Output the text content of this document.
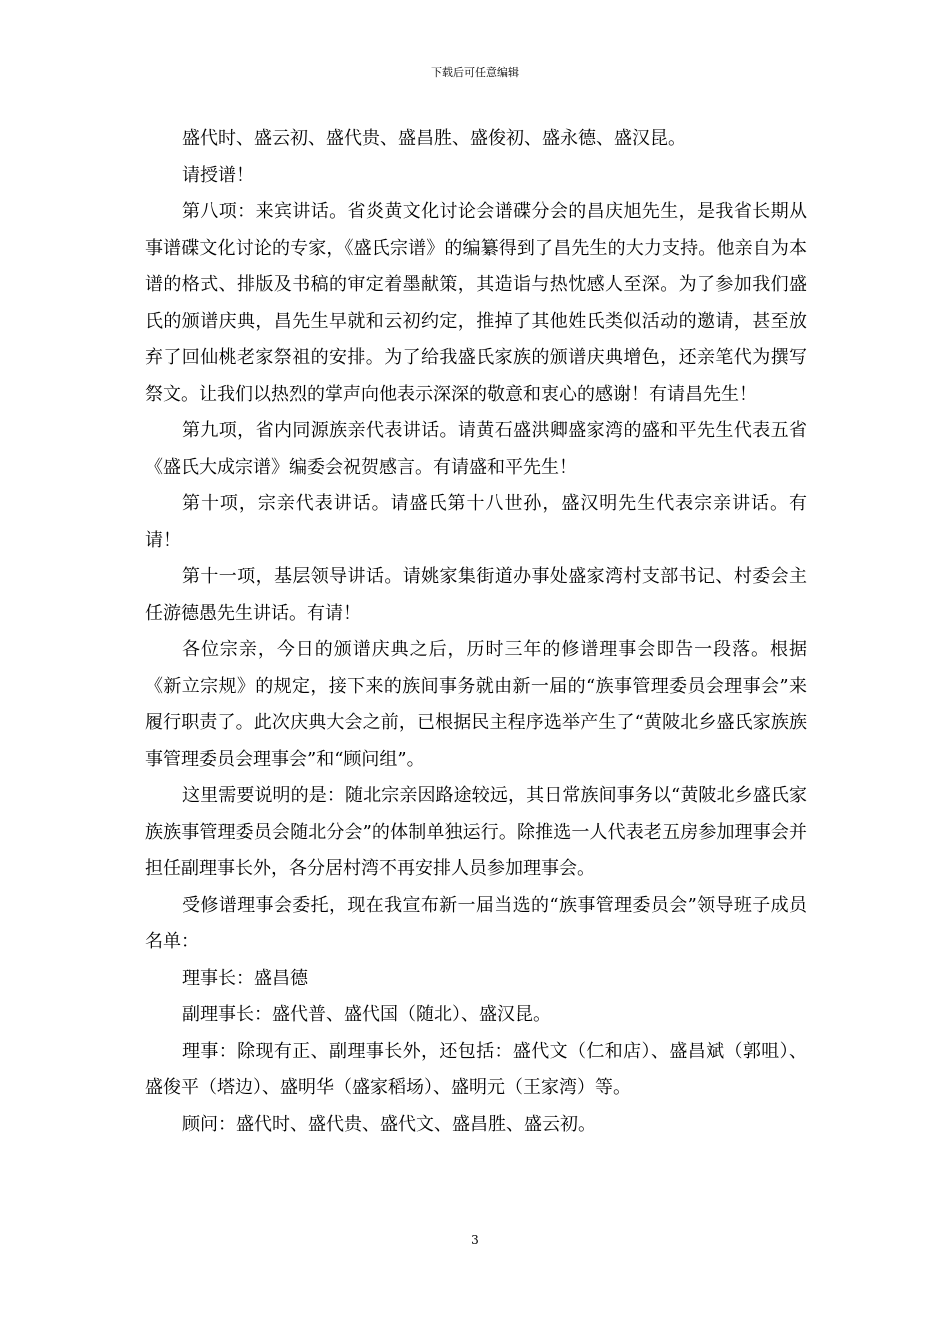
下载后可任意编辑

盛代时、盛云初、盛代贵、盛昌胜、盛俊初、盛永德、盛汉昆。

请授谱！

第八项：来宾讲话。省炎黄文化讨论会谱碟分会的昌庆旭先生，是我省长期从事谱碟文化讨论的专家，《盛氏宗谱》的编纂得到了昌先生的大力支持。他亲自为本谱的格式、排版及书稿的审定着墨献策，其造诣与热忱感人至深。为了参加我们盛氏的颁谱庆典，昌先生早就和云初约定，推掉了其他姓氏类似活动的邀请，甚至放弃了回仙桃老家祭祖的安排。为了给我盛氏家族的颁谱庆典增色，还亲笔代为撰写祭文。让我们以热烈的掌声向他表示深深的敬意和衷心的感谢！有请昌先生！

第九项，省内同源族亲代表讲话。请黄石盛洪卿盛家湾的盛和平先生代表五省《盛氏大成宗谱》编委会祝贺感言。有请盛和平先生！

第十项，宗亲代表讲话。请盛氏第十八世孙，盛汉明先生代表宗亲讲话。有请！

第十一项，基层领导讲话。请姚家集街道办事处盛家湾村支部书记、村委会主任游德愚先生讲话。有请！

各位宗亲，今日的颁谱庆典之后，历时三年的修谱理事会即告一段落。根据《新立宗规》的规定，接下来的族间事务就由新一届的“族事管理委员会理事会”来履行职责了。此次庆典大会之前，已根据民主程序选举产生了“黄陂北乡盛氏家族族事管理委员会理事会”和“顾问组”。

这里需要说明的是：随北宗亲因路途较远，其日常族间事务以“黄陂北乡盛氏家族族事管理委员会随北分会”的体制单独运行。除推选一人代表老五房参加理事会并担任副理事长外，各分居村湾不再安排人员参加理事会。

受修谱理事会委托，现在我宣布新一届当选的“族事管理委员会”领导班子成员名单：

理事长：盛昌德

副理事长：盛代普、盛代国（随北）、盛汉昆。

理事：除现有正、副理事长外，还包括：盛代文（仁和店）、盛昌斌（郭咀）、盛俊平（塔边）、盛明华（盛家稻场）、盛明元（王家湾）等。

顾问：盛代时、盛代贵、盛代文、盛昌胜、盛云初。

3
